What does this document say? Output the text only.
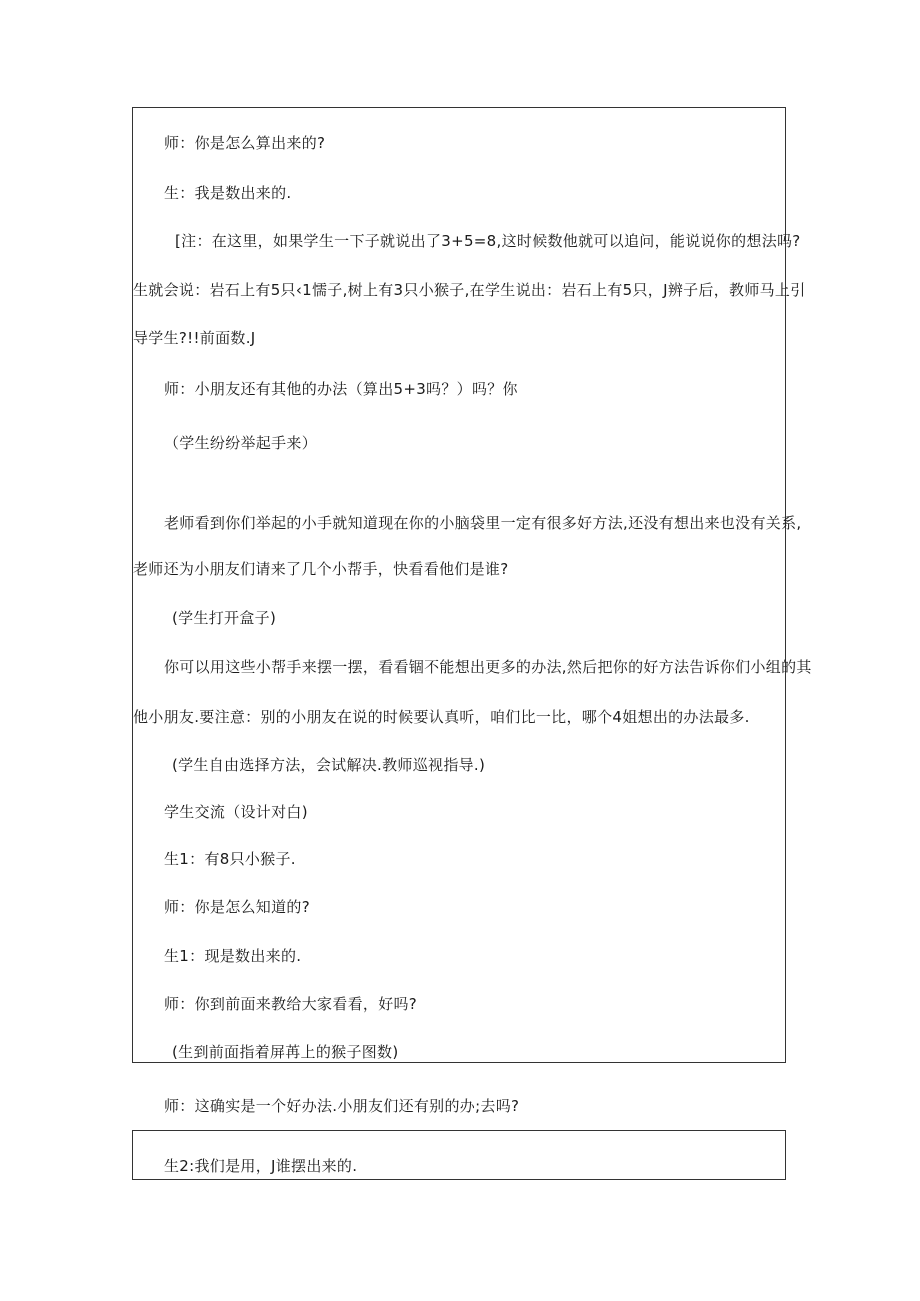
师：你是怎么算出来的?
生：我是数出来的.
[注：在这里，如果学生一下子就说出了3+5=8,这时候数他就可以追问，能说说你的想法吗?
生就会说：岩石上有5只‹1懦子,树上有3只小猴子,在学生说出：岩石上有5只，J辨子后，教师马上引
导学生?!!前面数.J
师：小朋友还有其他的办法（算出5+3吗？）吗？你
（学生纷纷举起手来）
老师看到你们举起的小手就知道现在你的小脑袋里一定有很多好方法,还没有想出来也没有关系,
老师还为小朋友们请来了几个小帮手，快看看他们是谁?
(学生打开盒子)
你可以用这些小帮手来摆一摆，看看锢不能想出更多的办法,然后把你的好方法告诉你们小组的其
他小朋友.要注意：别的小朋友在说的时候要认真听，咱们比一比，哪个4姐想出的办法最多.
(学生自由选择方法，会试解决.教师巡视指导.)
学生交流（设计对白)
生1：有8只小猴子.
师：你是怎么知道的?
生1：现是数出来的.
师：你到前面来教给大家看看，好吗?
(生到前面指着屏苒上的猴子图数)
师：这确实是一个好办法.小朋友们还有别的办;去吗?
生2:我们是用，J谁摆出来的.
